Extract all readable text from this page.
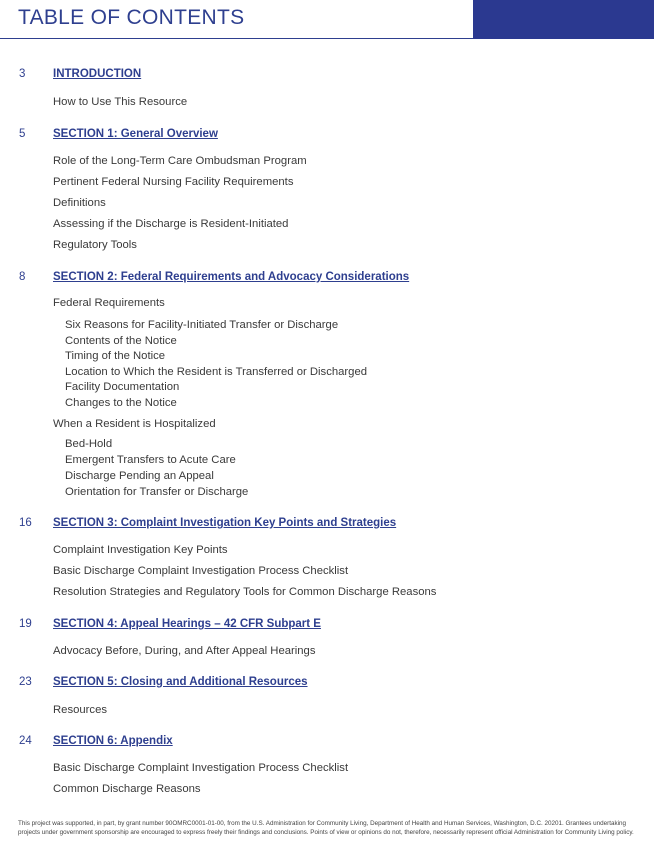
TABLE OF CONTENTS
3 INTRODUCTION
How to Use This Resource
5 SECTION 1: General Overview
Role of the Long-Term Care Ombudsman Program
Pertinent Federal Nursing Facility Requirements
Definitions
Assessing if the Discharge is Resident-Initiated
Regulatory Tools
8 SECTION 2: Federal Requirements and Advocacy Considerations
Federal Requirements
Six Reasons for Facility-Initiated Transfer or Discharge
Contents of the Notice
Timing of the Notice
Location to Which the Resident is Transferred or Discharged
Facility Documentation
Changes to the Notice
When a Resident is Hospitalized
Bed-Hold
Emergent Transfers to Acute Care
Discharge Pending an Appeal
Orientation for Transfer or Discharge
16 SECTION 3: Complaint Investigation Key Points and Strategies
Complaint Investigation Key Points
Basic Discharge Complaint Investigation Process Checklist
Resolution Strategies and Regulatory Tools for Common Discharge Reasons
19 SECTION 4: Appeal Hearings – 42 CFR Subpart E
Advocacy Before, During, and After Appeal Hearings
23 SECTION 5: Closing and Additional Resources
Resources
24 SECTION 6: Appendix
Basic Discharge Complaint Investigation Process Checklist
Common Discharge Reasons
This project was supported, in part, by grant number 90OMRC0001-01-00, from the U.S. Administration for Community Living, Department of Health and Human Services, Washington, D.C. 20201. Grantees undertaking projects under government sponsorship are encouraged to express freely their findings and conclusions. Points of view or opinions do not, therefore, necessarily represent official Administration for Community Living policy.
